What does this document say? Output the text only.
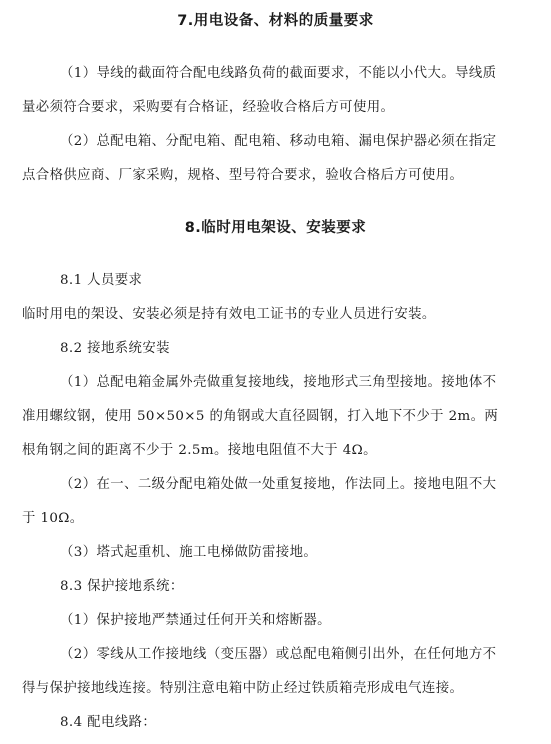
7.用电设备、材料的质量要求
（1）导线的截面符合配电线路负荷的截面要求，不能以小代大。导线质
量必须符合要求，采购要有合格证，经验收合格后方可使用。
（2）总配电箱、分配电箱、配电箱、移动电箱、漏电保护器必须在指定
点合格供应商、厂家采购，规格、型号符合要求，验收合格后方可使用。
8.临时用电架设、安装要求
8.1 人员要求
临时用电的架设、安装必须是持有效电工证书的专业人员进行安装。
8.2 接地系统安装
（1）总配电箱金属外壳做重复接地线，接地形式三角型接地。接地体不
准用螺纹钢，使用 50×50×5 的角钢或大直径圆钢，打入地下不少于 2m。两
根角钢之间的距离不少于 2.5m。接地电阻值不大于 4Ω。
（2）在一、二级分配电箱处做一处重复接地，作法同上。接地电阻不大
于 10Ω。
（3）塔式起重机、施工电梯做防雷接地。
8.3 保护接地系统：
（1）保护接地严禁通过任何开关和熔断器。
（2）零线从工作接地线（变压器）或总配电箱侧引出外，在任何地方不
得与保护接地线连接。特别注意电箱中防止经过铁质箱壳形成电气连接。
8.4 配电线路：
